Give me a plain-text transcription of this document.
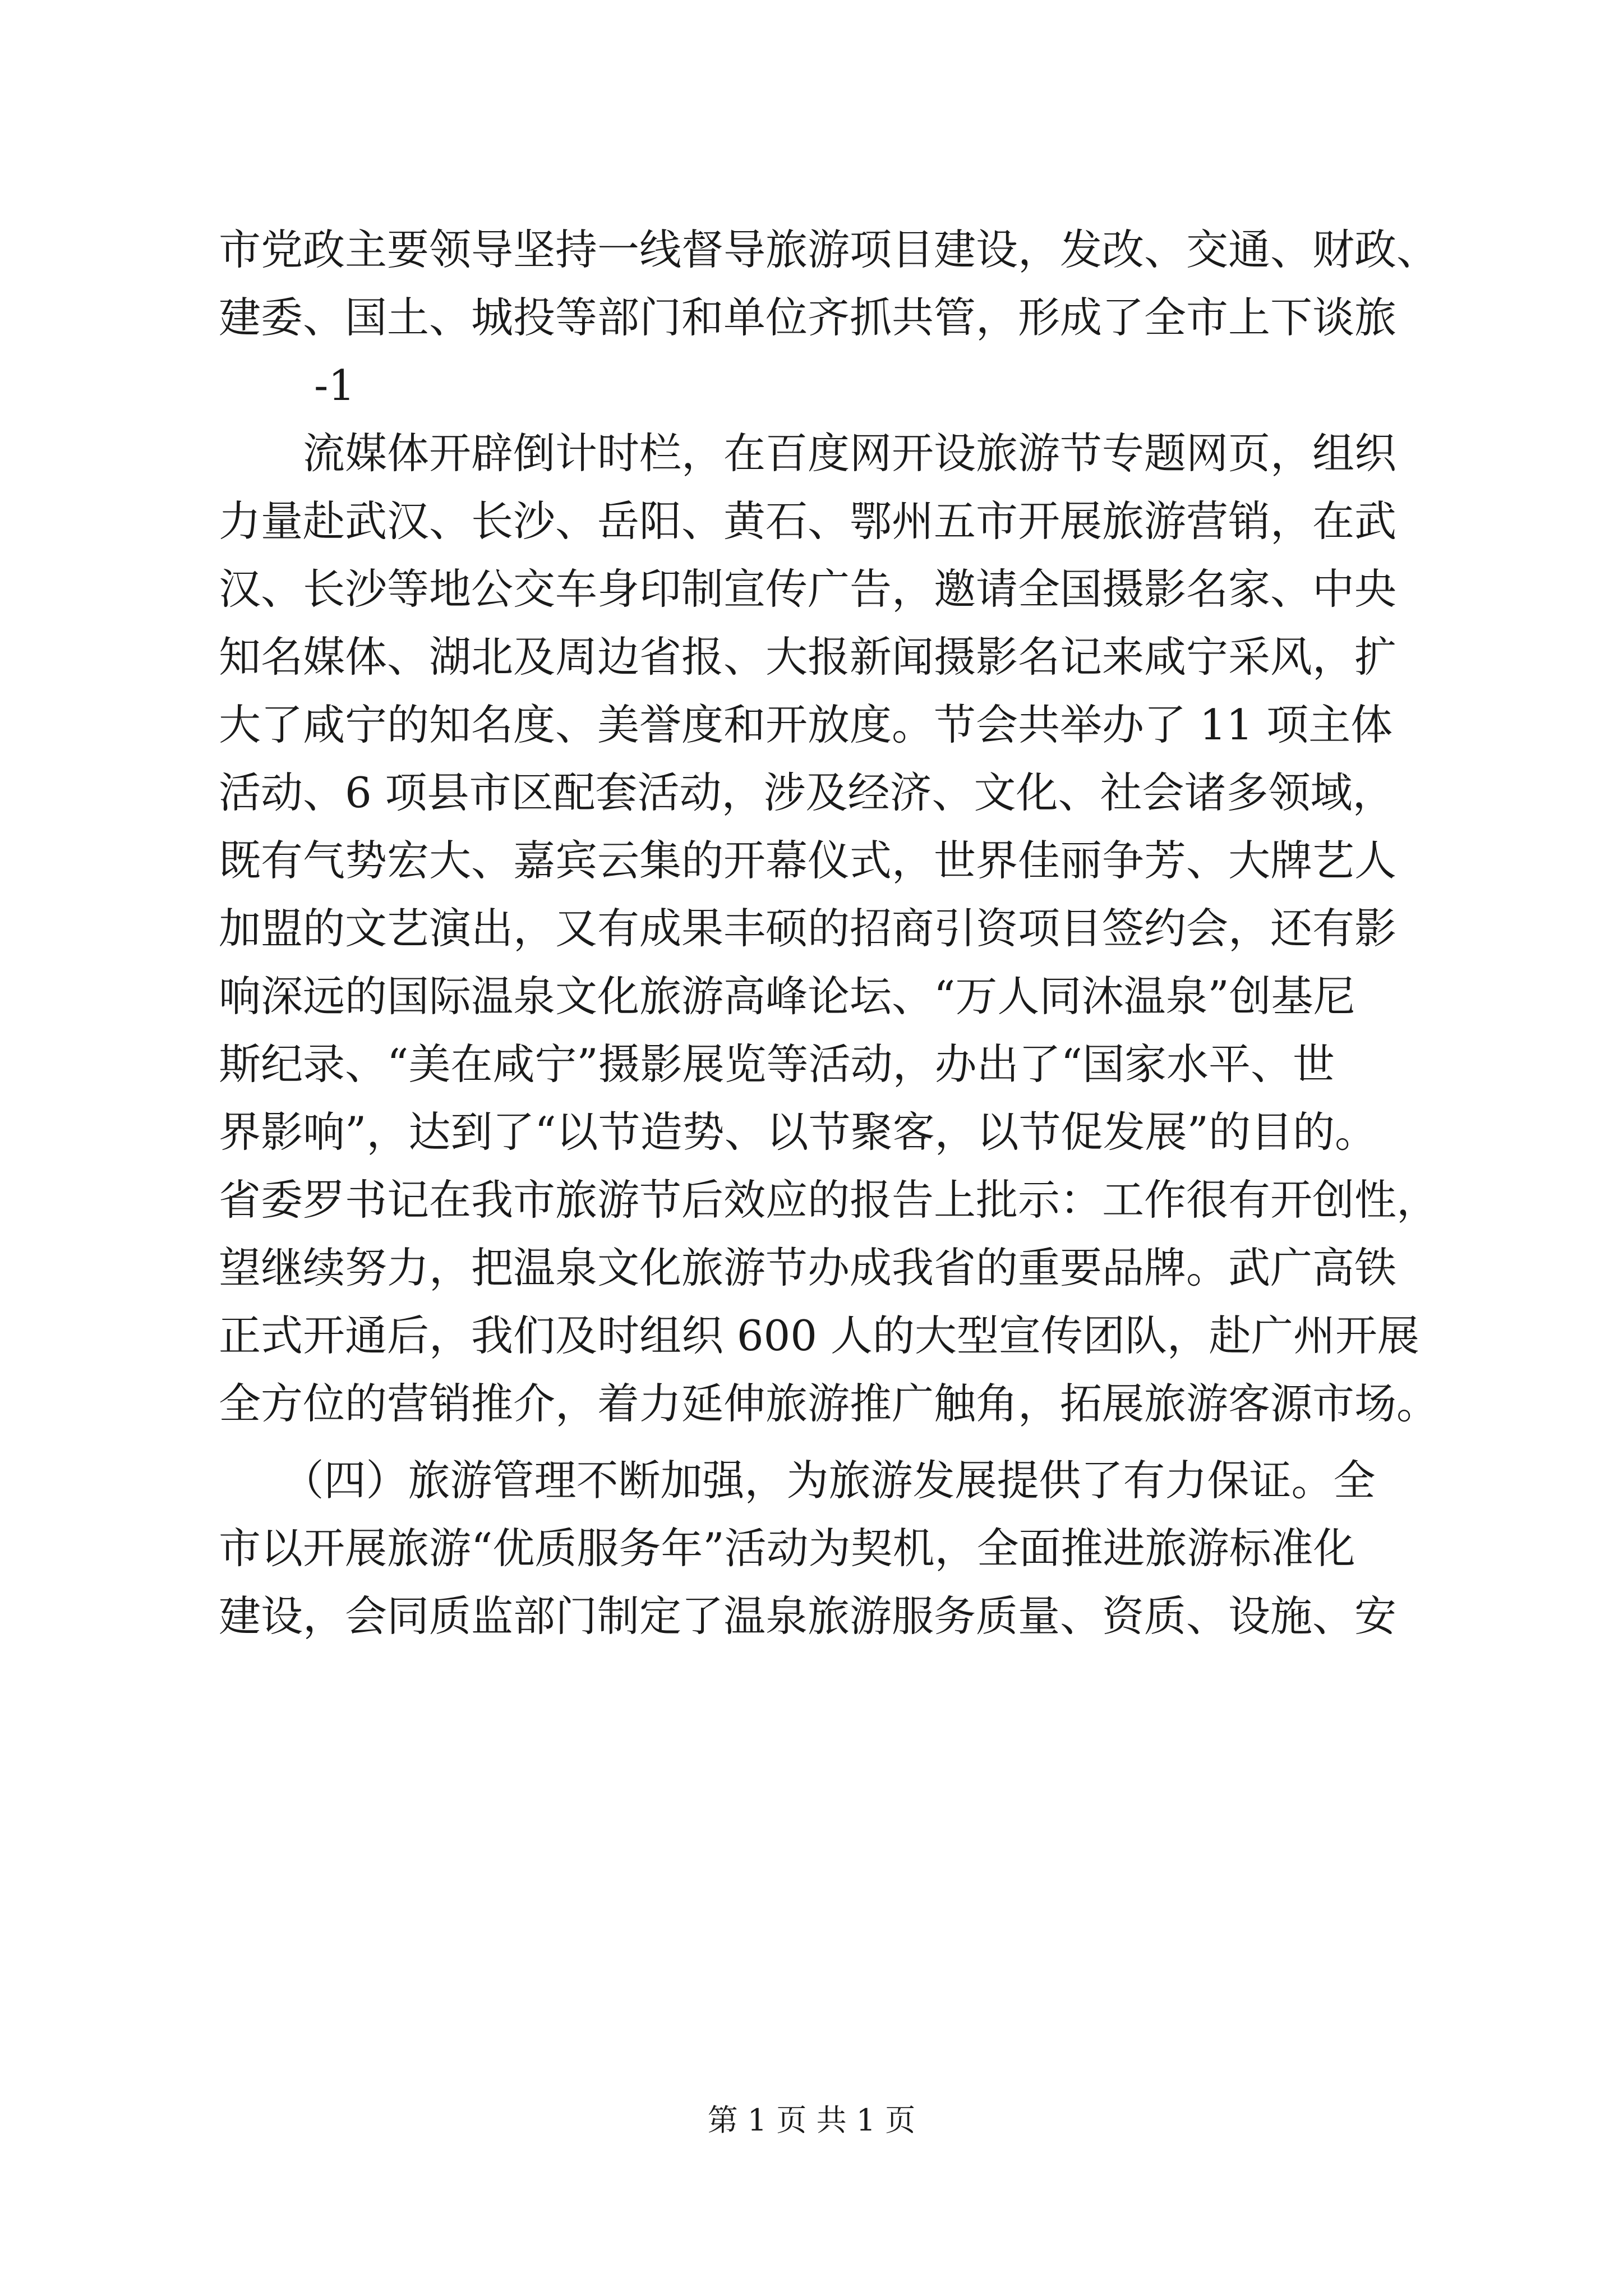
市党政主要领导坚持一线督导旅游项目建设，发改、交通、财政、
建委、国土、城投等部门和单位齐抓共管，形成了全市上下谈旅
-1
　　流媒体开辟倒计时栏，在百度网开设旅游节专题网页，组织
力量赴武汉、长沙、岳阳、黄石、鄂州五市开展旅游营销，在武
汉、长沙等地公交车身印制宣传广告，邀请全国摄影名家、中央
知名媒体、湖北及周边省报、大报新闻摄影名记来咸宁采风，扩
大了咸宁的知名度、美誉度和开放度。节会共举办了 11 项主体
活动、6 项县市区配套活动，涉及经济、文化、社会诸多领域，
既有气势宏大、嘉宾云集的开幕仪式，世界佳丽争芳、大牌艺人
加盟的文艺演出，又有成果丰硕的招商引资项目签约会，还有影
响深远的国际温泉文化旅游高峰论坛、“万人同沐温泉”创基尼
斯纪录、“美在咸宁”摄影展览等活动，办出了“国家水平、世
界影响”，达到了“以节造势、以节聚客，以节促发展”的目的。
省委罗书记在我市旅游节后效应的报告上批示：工作很有开创性，
望继续努力，把温泉文化旅游节办成我省的重要品牌。武广高铁
正式开通后，我们及时组织 600 人的大型宣传团队，赴广州开展
全方位的营销推介，着力延伸旅游推广触角，拓展旅游客源市场。
　　（四）旅游管理不断加强，为旅游发展提供了有力保证。全
市以开展旅游“优质服务年”活动为契机，全面推进旅游标准化
建设，会同质监部门制定了温泉旅游服务质量、资质、设施、安
第 1 页 共 1 页
